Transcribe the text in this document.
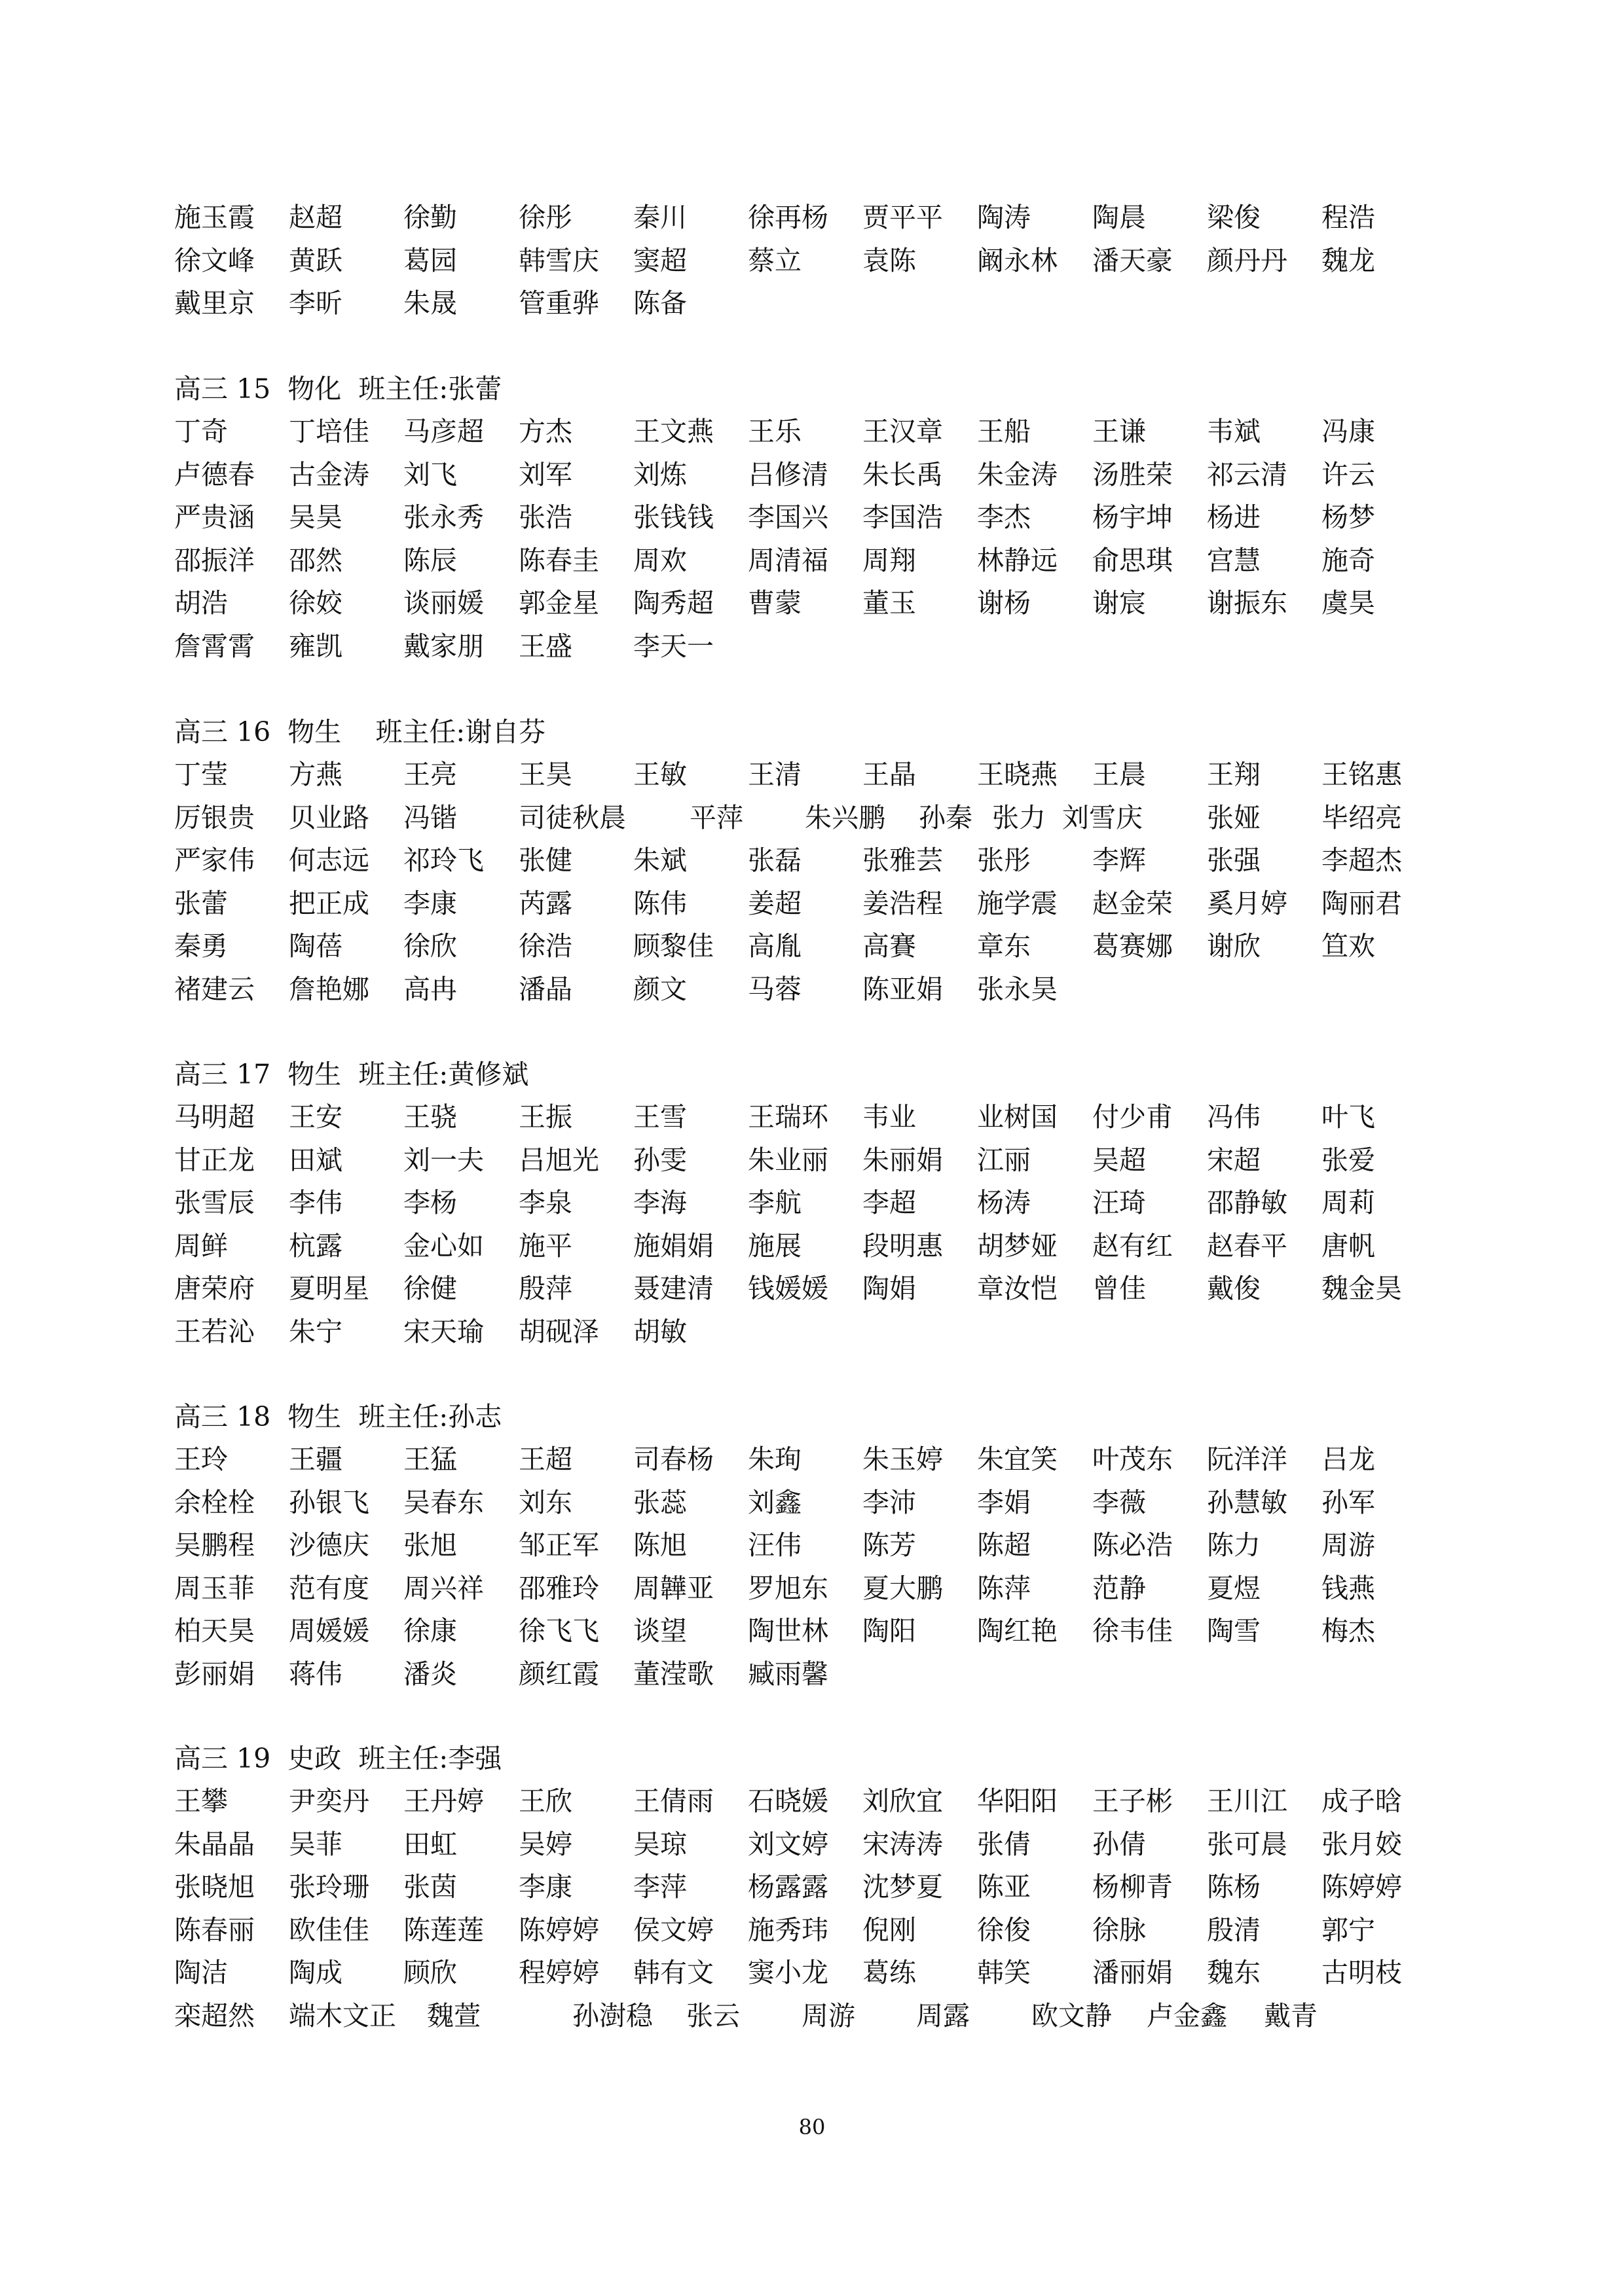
施玉霞 赵超 徐勤 徐彤 秦川 徐再杨 贾平平 陶涛 陶晨 梁俊 程浩
徐文峰 黄跃 葛园 韩雪庆 窦超 蔡立 袁陈 阚永林 潘天豪 颜丹丹 魏龙
戴里京 李昕 朱晟 管重骅 陈备
高三 15 物化 班主任:张蕾
丁奇 丁培佳 马彦超 方杰 王文燕 王乐 王汉章 王船 王谦 韦斌 冯康
卢德春 古金涛 刘飞 刘军 刘炼 吕修清 朱长禹 朱金涛 汤胜荣 祁云清 许云
严贵涵 吴昊 张永秀 张浩 张钱钱 李国兴 李国浩 李杰 杨宇坤 杨进 杨梦
邵振洋 邵然 陈辰 陈春圭 周欢 周清福 周翔 林静远 俞思琪 宫慧 施奇
胡浩 徐姣 谈丽媛 郭金星 陶秀超 曹蒙 董玉 谢杨 谢宸 谢振东 虞昊
詹霄霄 雍凯 戴家朋 王盛 李天一
高三 16 物生 班主任:谢自芬
丁莹 方燕 王亮 王昊 王敏 王清 王晶 王晓燕 王晨 王翔 王铭惠
厉银贵 贝业路 冯锴 司徒秋晨 平萍 朱兴鹏 孙秦 张力 刘雪庆 张娅 毕绍亮
严家伟 何志远 祁玲飞 张健 朱斌 张磊 张雅芸 张彤 李辉 张强 李超杰
张蕾 把正成 李康 芮露 陈伟 姜超 姜浩程 施学震 赵金荣 奚月婷 陶丽君
秦勇 陶蓓 徐欣 徐浩 顾黎佳 高胤 高賽 章东 葛赛娜 谢欣 笪欢
褚建云 詹艳娜 高冉 潘晶 颜文 马蓉 陈亚娟 张永昊
高三 17 物生 班主任:黄修斌
马明超 王安 王骁 王振 王雪 王瑞环 韦业 业树国 付少甫 冯伟 叶飞
甘正龙 田斌 刘一夫 吕旭光 孙雯 朱业丽 朱丽娟 江丽 吴超 宋超 张爱
张雪辰 李伟 李杨 李泉 李海 李航 李超 杨涛 汪琦 邵静敏 周莉
周鲜 杭露 金心如 施平 施娟娟 施展 段明惠 胡梦娅 赵有红 赵春平 唐帆
唐荣府 夏明星 徐健 殷萍 聂建清 钱媛媛 陶娟 章汝恺 曾佳 戴俊 魏金昊
王若沁 朱宁 宋天瑜 胡砚泽 胡敏
高三 18 物生 班主任:孙志
王玲 王疆 王猛 王超 司春杨 朱珣 朱玉婷 朱宜笑 叶茂东 阮洋洋 吕龙
余栓栓 孙银飞 吴春东 刘东 张蕊 刘鑫 李沛 李娟 李薇 孙慧敏 孙军
吴鹏程 沙德庆 张旭 邹正军 陈旭 汪伟 陈芳 陈超 陈必浩 陈力 周游
周玉菲 范有度 周兴祥 邵雅玲 周韡亚 罗旭东 夏大鹏 陈萍 范静 夏煜 钱燕
柏天昊 周媛媛 徐康 徐飞飞 谈望 陶世林 陶阳 陶红艳 徐韦佳 陶雪 梅杰
彭丽娟 蒋伟 潘炎 颜红霞 董滢歌 臧雨馨
高三 19 史政 班主任:李强
王攀 尹奕丹 王丹婷 王欣 王倩雨 石晓媛 刘欣宜 华阳阳 王子彬 王川江 成子晗
朱晶晶 吴菲 田虹 吴婷 吴琼 刘文婷 宋涛涛 张倩 孙倩 张可晨 张月姣
张晓旭 张玲珊 张茵 李康 李萍 杨露露 沈梦夏 陈亚 杨柳青 陈杨 陈婷婷
陈春丽 欧佳佳 陈莲莲 陈婷婷 侯文婷 施秀玮 倪刚 徐俊 徐脉 殷清 郭宁
陶洁 陶成 顾欣 程婷婷 韩有文 窦小龙 葛练 韩笑 潘丽娟 魏东 古明枝
栾超然 端木文正 魏萱	孙澍稳 张云 周游 周露 欧文静 卢金鑫 戴青
80
